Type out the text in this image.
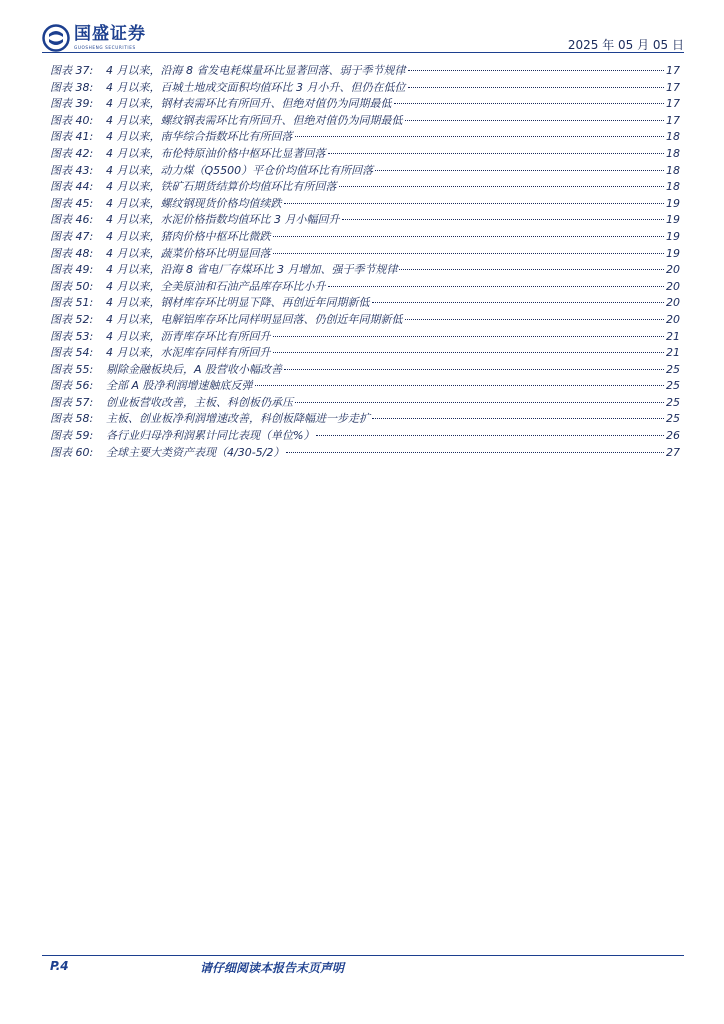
国盛证券
GUOSHENG SECURITIES	2025 年 05 月 05 日
图表 37:	4 月以来，沿海 8 省发电耗煤量环比显著回落、弱于季节规律	17
图表 38:	4 月以来，百城土地成交面积均值环比 3 月小升、但仍在低位	17
图表 39:	4 月以来，钢材表需环比有所回升、但绝对值仍为同期最低	17
图表 40:	4 月以来，螺纹钢表需环比有所回升、但绝对值仍为同期最低	17
图表 41:	4 月以来，南华综合指数环比有所回落	18
图表 42:	4 月以来，布伦特原油价格中枢环比显著回落	18
图表 43:	4 月以来，动力煤（Q5500）平仓价均值环比有所回落	18
图表 44:	4 月以来，铁矿石期货结算价均值环比有所回落	18
图表 45:	4 月以来，螺纹钢现货价格均值续跌	19
图表 46:	4 月以来，水泥价格指数均值环比 3 月小幅回升	19
图表 47:	4 月以来，猪肉价格中枢环比微跌	19
图表 48:	4 月以来，蔬菜价格环比明显回落	19
图表 49:	4 月以来，沿海 8 省电厂存煤环比 3 月增加、强于季节规律	20
图表 50:	4 月以来，全美原油和石油产品库存环比小升	20
图表 51:	4 月以来，钢材库存环比明显下降、再创近年同期新低	20
图表 52:	4 月以来，电解铝库存环比同样明显回落、仍创近年同期新低	20
图表 53:	4 月以来，沥青库存环比有所回升	21
图表 54:	4 月以来，水泥库存同样有所回升	21
图表 55:	剔除金融板块后，A 股营收小幅改善	25
图表 56:	全部 A 股净利润增速触底反弹	25
图表 57:	创业板营收改善，主板、科创板仍承压	25
图表 58:	主板、创业板净利润增速改善，科创板降幅进一步走扩	25
图表 59:	各行业归母净利润累计同比表现（单位%）	26
图表 60:	全球主要大类资产表现（4/30-5/2）	27
P.4	请仔细阅读本报告末页声明
